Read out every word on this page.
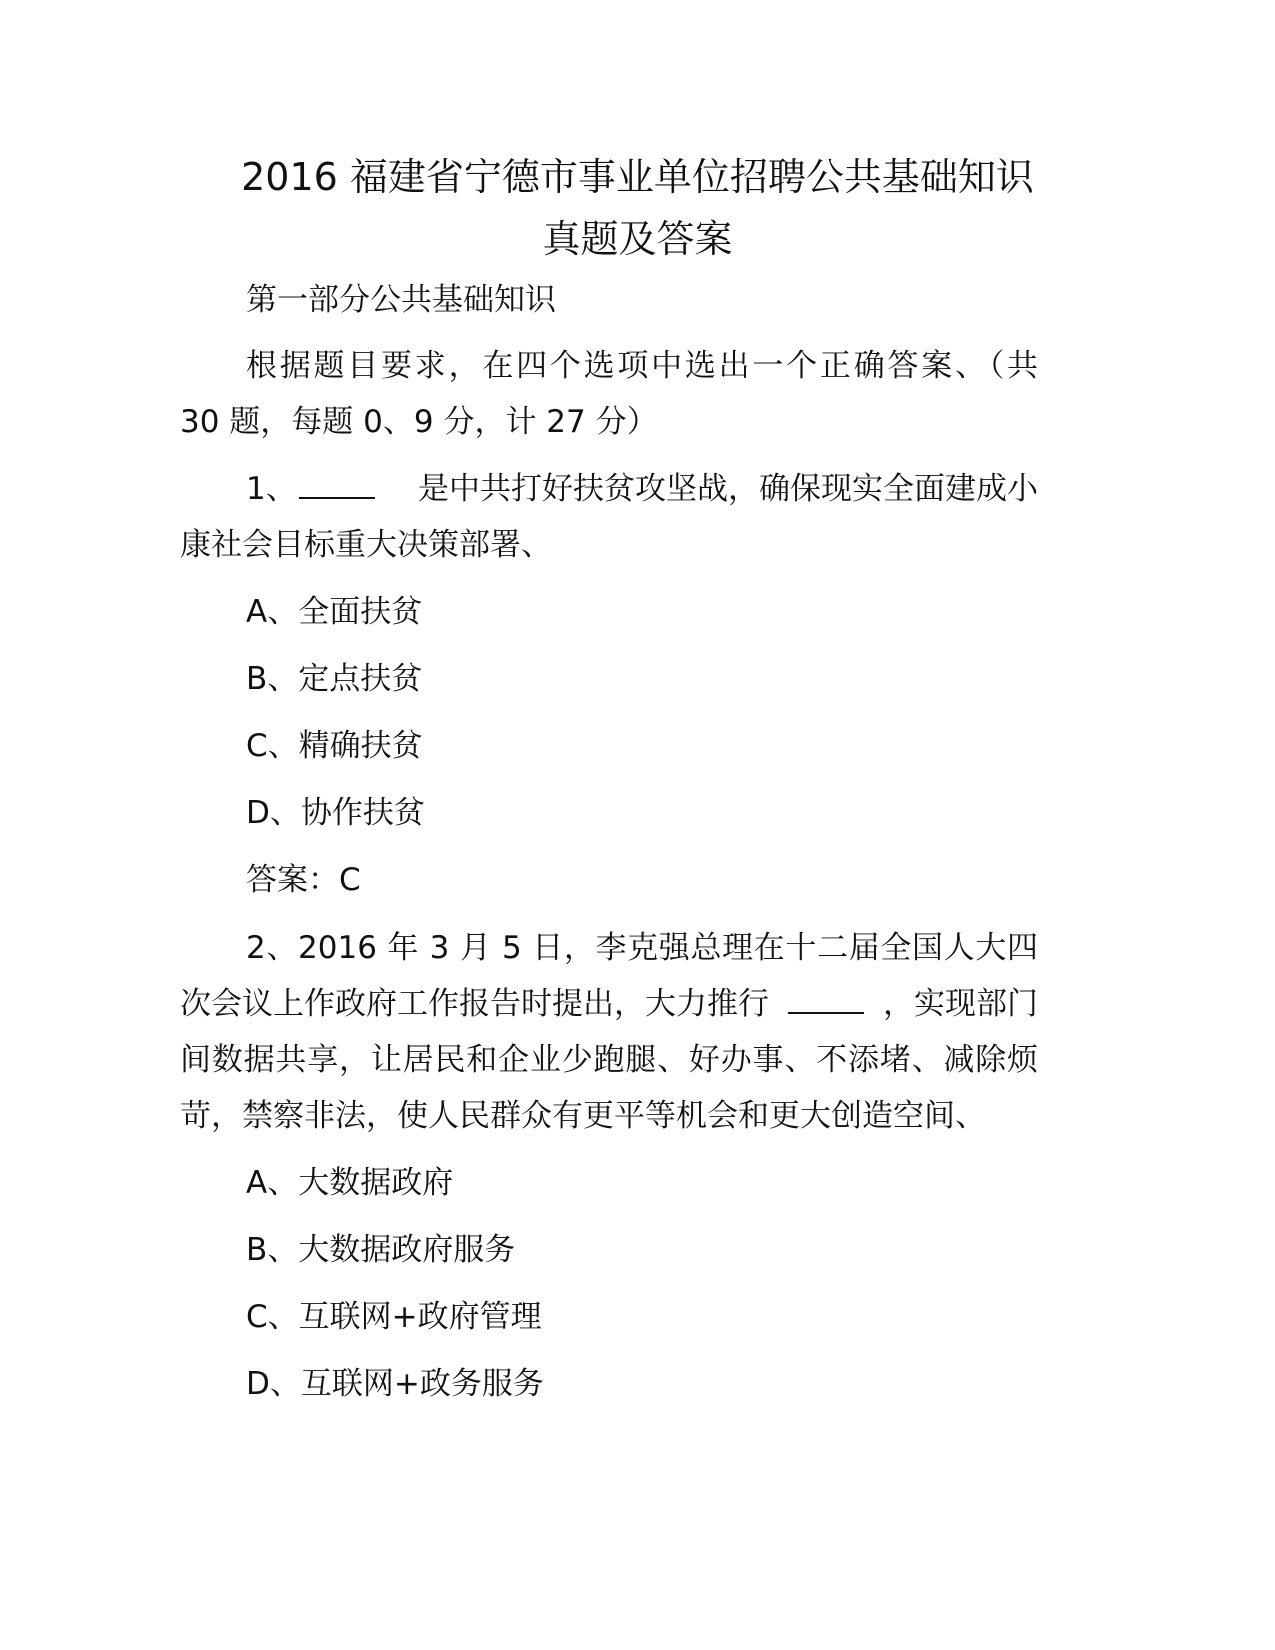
2016 福建省宁德市事业单位招聘公共基础知识
真题及答案
第一部分公共基础知识
根据题目要求，在四个选项中选出一个正确答案、（共
30 题，每题 0、9 分，计 27 分）
1、	是中共打好扶贫攻坚战，确保现实全面建成小
康社会目标重大决策部署、
A、全面扶贫
B、定点扶贫
C、精确扶贫
D、协作扶贫
答案：C
2、2016 年 3 月 5 日，李克强总理在十二届全国人大四
次会议上作政府工作报告时提出，大力推行	，实现部门
间数据共享，让居民和企业少跑腿、好办事、不添堵、减除烦
苛，禁察非法，使人民群众有更平等机会和更大创造空间、
A、大数据政府
B、大数据政府服务
C、互联网+政府管理
D、互联网+政务服务
